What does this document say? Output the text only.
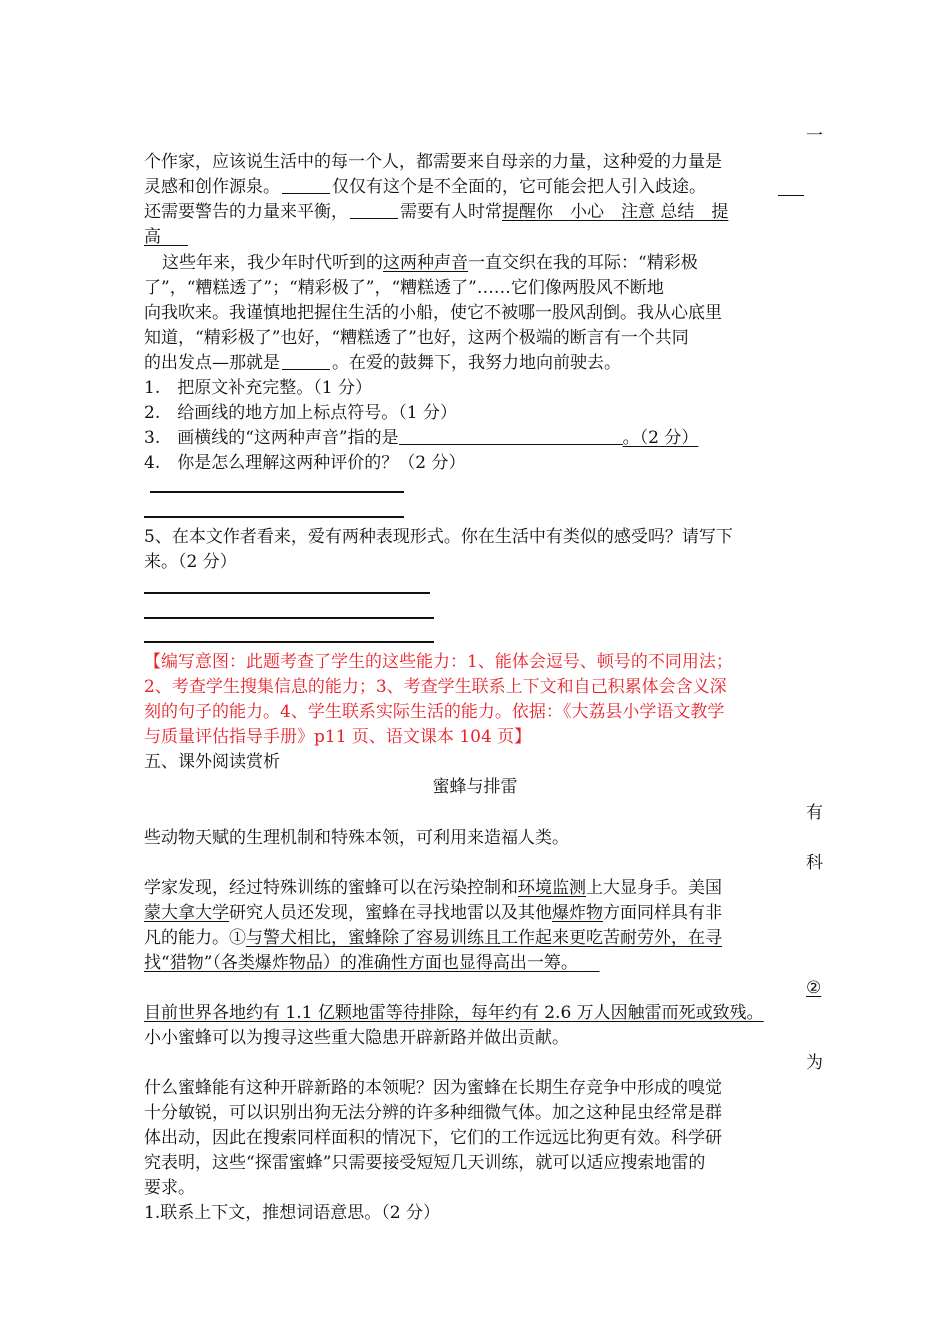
一
个作家，应该说生活中的每一个人，都需要来自母亲的力量，这种爱的力量是
灵感和创作源泉。	仅仅有这个是不全面的，它可能会把人引入歧途。
还需要警告的力量来平衡，	需要有人时常提醒你　小心　注意 总结　提
高
这些年来，我少年时代听到的这两种声音一直交织在我的耳际：“精彩极
了”，“糟糕透了”；“精彩极了”，“糟糕透了”……它们像两股风不断地
向我吹来。我谨慎地把握住生活的小船，使它不被哪一股风刮倒。我从心底里
知道，“精彩极了”也好，“糟糕透了”也好，这两个极端的断言有一个共同
的出发点—那就是	。在爱的鼓舞下，我努力地向前驶去。
1.　把原文补充完整。（1 分）
2.　给画线的地方加上标点符号。（1 分）
3.　画横线的“这两种声音”指的是	。（2 分）
4.　你是怎么理解这两种评价的？（2 分）
5、在本文作者看来，爱有两种表现形式。你在生活中有类似的感受吗？请写下
来。（2 分）
【编写意图：此题考查了学生的这些能力：1、能体会逗号、顿号的不同用法；
2、考查学生搜集信息的能力；3、考查学生联系上下文和自己积累体会含义深
刻的句子的能力。4、学生联系实际生活的能力。依据：《大荔县小学语文教学
与质量评估指导手册》p11 页、语文课本 104 页】
五、课外阅读赏析
蜜蜂与排雷
有
些动物天赋的生理机制和特殊本领，可利用来造福人类。
科
学家发现，经过特殊训练的蜜蜂可以在污染控制和环境监测上大显身手。美国
蒙大拿大学研究人员还发现，蜜蜂在寻找地雷以及其他爆炸物方面同样具有非
凡的能力。①与警犬相比，蜜蜂除了容易训练且工作起来更吃苦耐劳外，在寻
找“猎物”（各类爆炸物品）的准确性方面也显得高出一筹。
②
目前世界各地约有 1.1 亿颗地雷等待排除，每年约有 2.6 万人因触雷而死或致残。
小小蜜蜂可以为搜寻这些重大隐患开辟新路并做出贡献。
为
什么蜜蜂能有这种开辟新路的本领呢？因为蜜蜂在长期生存竞争中形成的嗅觉
十分敏锐，可以识别出狗无法分辨的许多种细微气体。加之这种昆虫经常是群
体出动，因此在搜索同样面积的情况下，它们的工作远远比狗更有效。科学研
究表明，这些“探雷蜜蜂”只需要接受短短几天训练，就可以适应搜索地雷的
要求。
1.联系上下文，推想词语意思。（2 分）
